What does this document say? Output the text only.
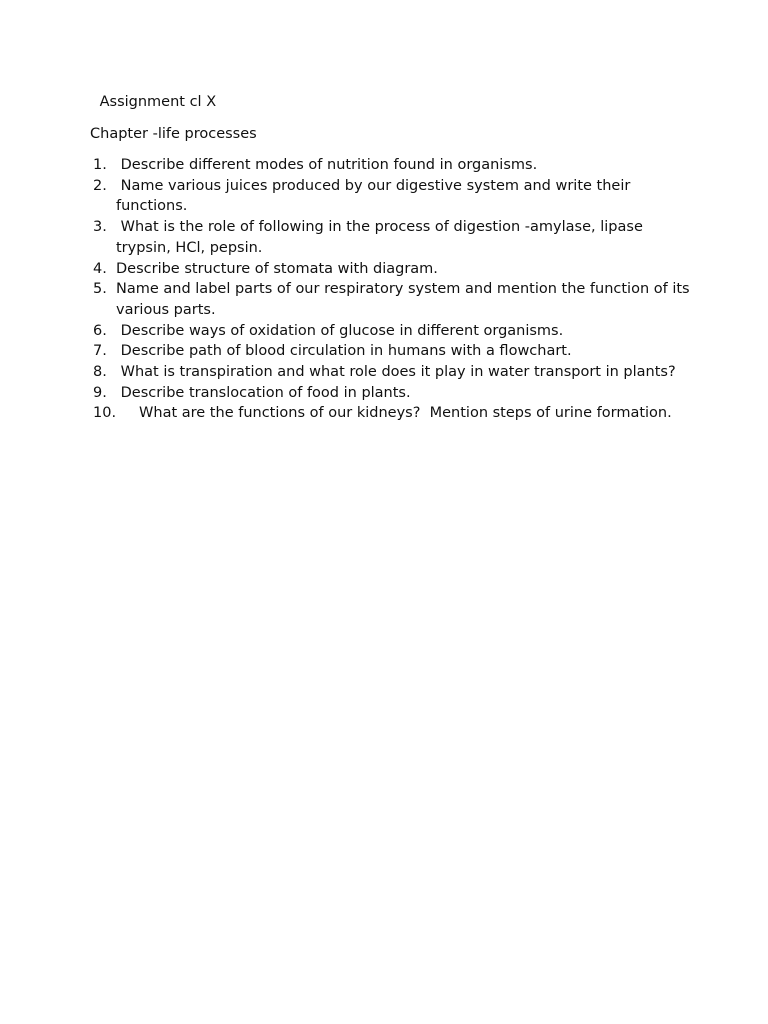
Assignment cl X
Chapter -life processes
1. Describe different modes of nutrition found in organisms.
2. Name various juices produced by our digestive system and write their functions.
3. What is the role of following in the process of digestion -amylase, lipase trypsin, HCl, pepsin.
4. Describe structure of stomata with diagram.
5. Name and label parts of our respiratory system and mention the function of its various parts.
6. Describe ways of oxidation of glucose in different organisms.
7. Describe path of blood circulation in humans with a flowchart.
8. What is transpiration and what role does it play in water transport in plants?
9. Describe translocation of food in plants.
10. What are the functions of our kidneys?  Mention steps of urine formation.
